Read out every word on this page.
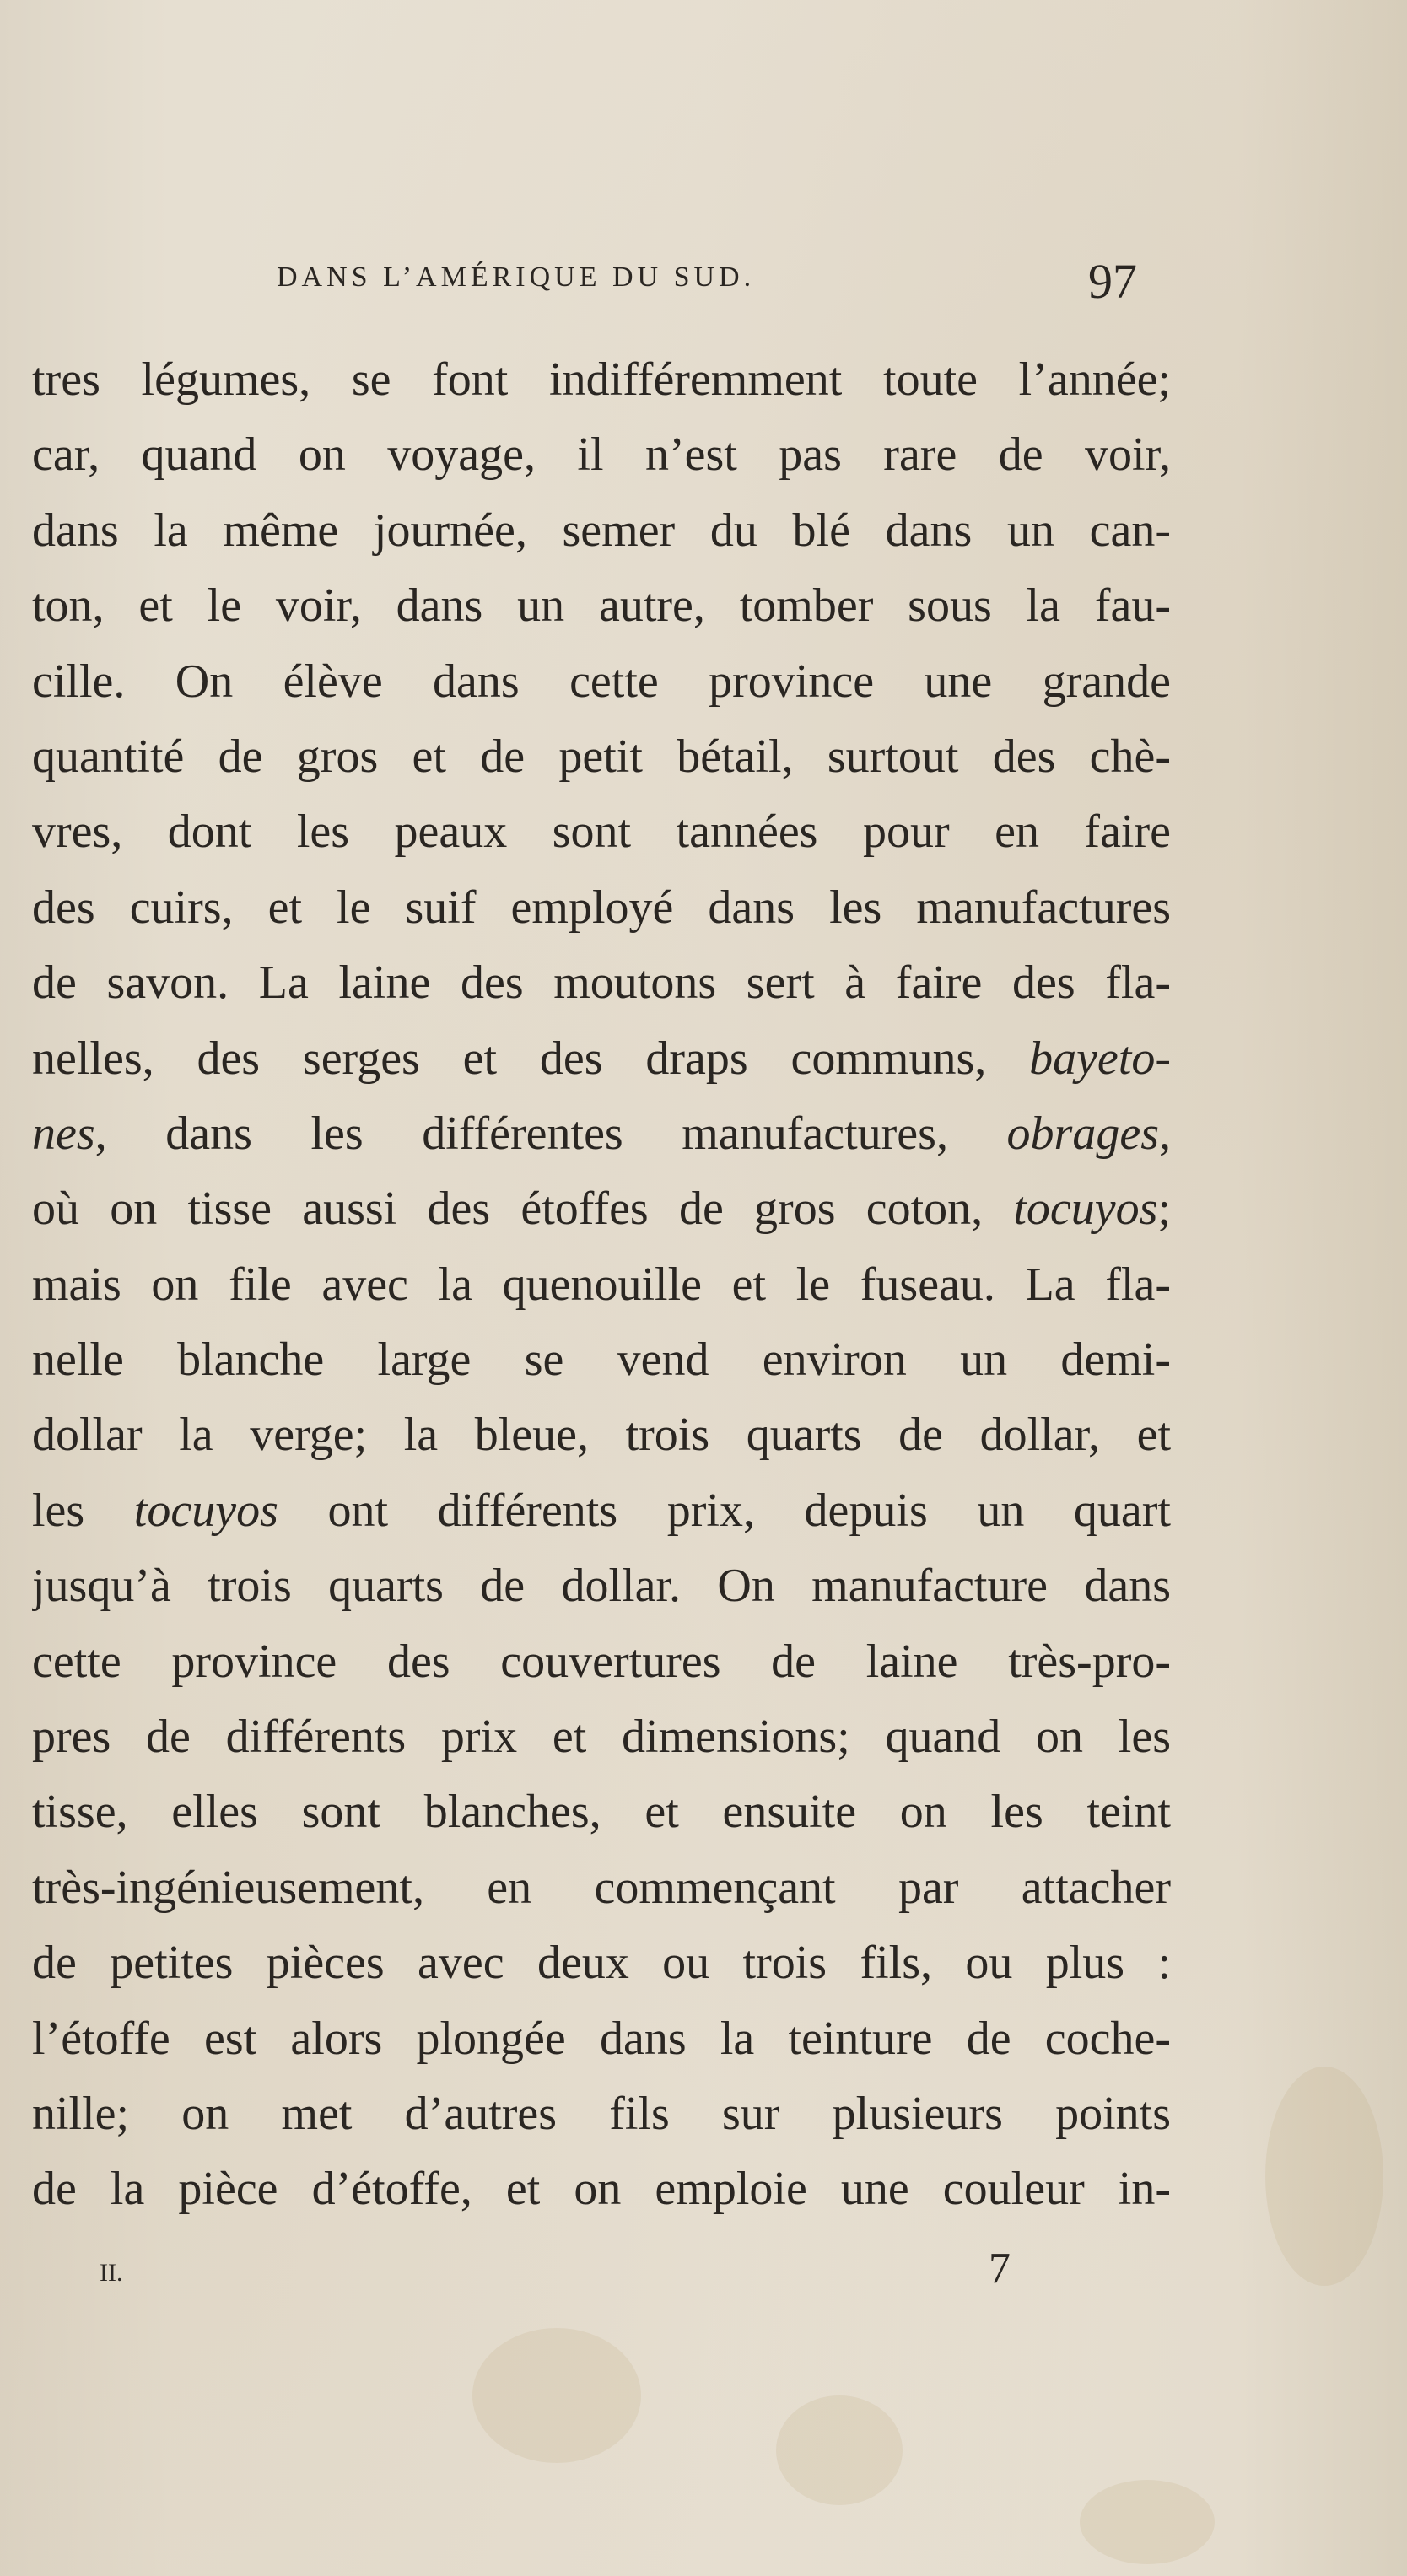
DANS L’AMÉRIQUE DU SUD.	97
tres légumes, se font indifféremment toute l’année;
car, quand on voyage, il n’est pas rare de voir,
dans la même journée, semer du blé dans un can-
ton, et le voir, dans un autre, tomber sous la fau-
cille. On élève dans cette province une grande
quantité de gros et de petit bétail, surtout des chè-
vres, dont les peaux sont tannées pour en faire
des cuirs, et le suif employé dans les manufactures
de savon. La laine des moutons sert à faire des fla-
nelles, des serges et des draps communs, bayeto-
nes, dans les différentes manufactures, obrages,
où on tisse aussi des étoffes de gros coton, tocuyos;
mais on file avec la quenouille et le fuseau. La fla-
nelle blanche large se vend environ un demi-
dollar la verge; la bleue, trois quarts de dollar, et
les tocuyos ont différents prix, depuis un quart
jusqu’à trois quarts de dollar. On manufacture dans
cette province des couvertures de laine très-pro-
pres de différents prix et dimensions; quand on les
tisse, elles sont blanches, et ensuite on les teint
très-ingénieusement, en commençant par attacher
de petites pièces avec deux ou trois fils, ou plus :
l’étoffe est alors plongée dans la teinture de coche-
nille; on met d’autres fils sur plusieurs points
de la pièce d’étoffe, et on emploie une couleur in-
II.	7
